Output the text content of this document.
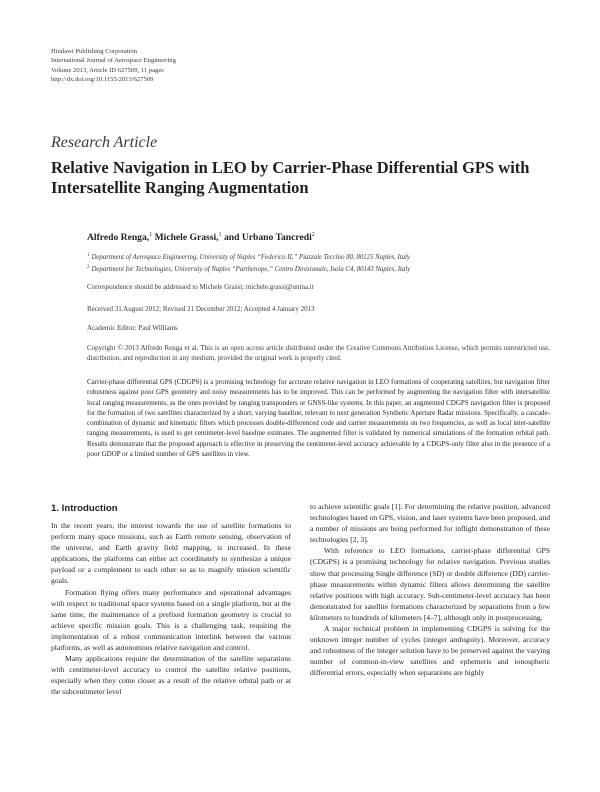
Hindawi Publishing Corporation
International Journal of Aerospace Engineering
Volume 2013, Article ID 627509, 11 pages
http://dx.doi.org/10.1155/2013/627509
Research Article
Relative Navigation in LEO by Carrier-Phase Differential GPS with Intersatellite Ranging Augmentation
Alfredo Renga,$^1$ Michele Grassi,$^1$ and Urbano Tancredi$^2$
$^1$ Department of Aerospace Engineering, University of Naples “Federico II,” Piazzale Tecchio 80, 80125 Naples, Italy
$^2$ Department for Technologies, University of Naples “Parthenope,” Centro Direzionale, Isola C4, 80143 Naples, Italy
Correspondence should be addressed to Michele Grassi; michele.grassi@unina.it
Received 31 August 2012; Revised 21 December 2012; Accepted 4 January 2013
Academic Editor: Paul Williams
Copyright © 2013 Alfredo Renga et al. This is an open access article distributed under the Creative Commons Attribution License, which permits unrestricted use, distribution, and reproduction in any medium, provided the original work is properly cited.
Carrier-phase differential GPS (CDGPS) is a promising technology for accurate relative navigation in LEO formations of cooperating satellites, but navigation filter robustness against poor GPS geometry and noisy measurements has to be improved. This can be performed by augmenting the navigation filter with intersatellite local ranging measurements, as the ones provided by ranging transponders or GNSS-like systems. In this paper, an augmented CDGPS navigation filter is proposed for the formation of two satellites characterized by a short, varying baseline, relevant to next generation Synthetic Aperture Radar missions. Specifically, a cascade-combination of dynamic and kinematic filters which processes double-differenced code and carrier measurements on two frequencies, as well as local inter-satellite ranging measurements, is used to get centimeter-level baseline estimates. The augmented filter is validated by numerical simulations of the formation orbital path. Results demonstrate that the proposed approach is effective in preserving the centimeter-level accuracy achievable by a CDGPS-only filter also in the presence of a poor GDOP or a limited number of GPS satellites in view.
1. Introduction

In the recent years, the interest towards the use of satellite formations to perform many space missions, such as Earth remote sensing, observation of the universe, and Earth gravity field mapping, is increased. In these applications, the platforms can either act coordinately to synthesize a unique payload or a complement to each other so as to magnify mission scientific goals.

Formation flying offers many performance and operational advantages with respect to traditional space systems based on a single platform, but at the same time, the maintenance of a prefixed formation geometry is crucial to achieve specific mission goals. This is a challenging task, requiring the implementation of a robust communication interlink between the various platforms, as well as autonomous relative navigation and control.

Many applications require the determination of the satellite separations with centimeter-level accuracy to control the satellite relative positions, especially when they come closer as a result of the relative orbital path or at the subcentimeter level

to achieve scientific goals [1]. For determining the relative position, advanced technologies based on GPS, vision, and laser systems have been proposed, and a number of missions are being performed for inflight demonstration of these technologies [2, 3].

With reference to LEO formations, carrier-phase differential GPS (CDGPS) is a promising technology for relative navigation. Previous studies show that processing Single difference (SD) or double difference (DD) carrier-phase measurements within dynamic filters allows determining the satellite relative positions with high accuracy. Sub-centimeter-level accuracy has been demonstrated for satellite formations characterized by separations from a few kilometers to hundreds of kilometers [4–7], although only in postprocessing.

A major technical problem in implementing CDGPS is solving for the unknown integer number of cycles (integer ambiguity). Moreover, accuracy and robustness of the integer solution have to be preserved against the varying number of common-in-view satellites and ephemeris and ionospheric differential errors, especially when separations are highly
